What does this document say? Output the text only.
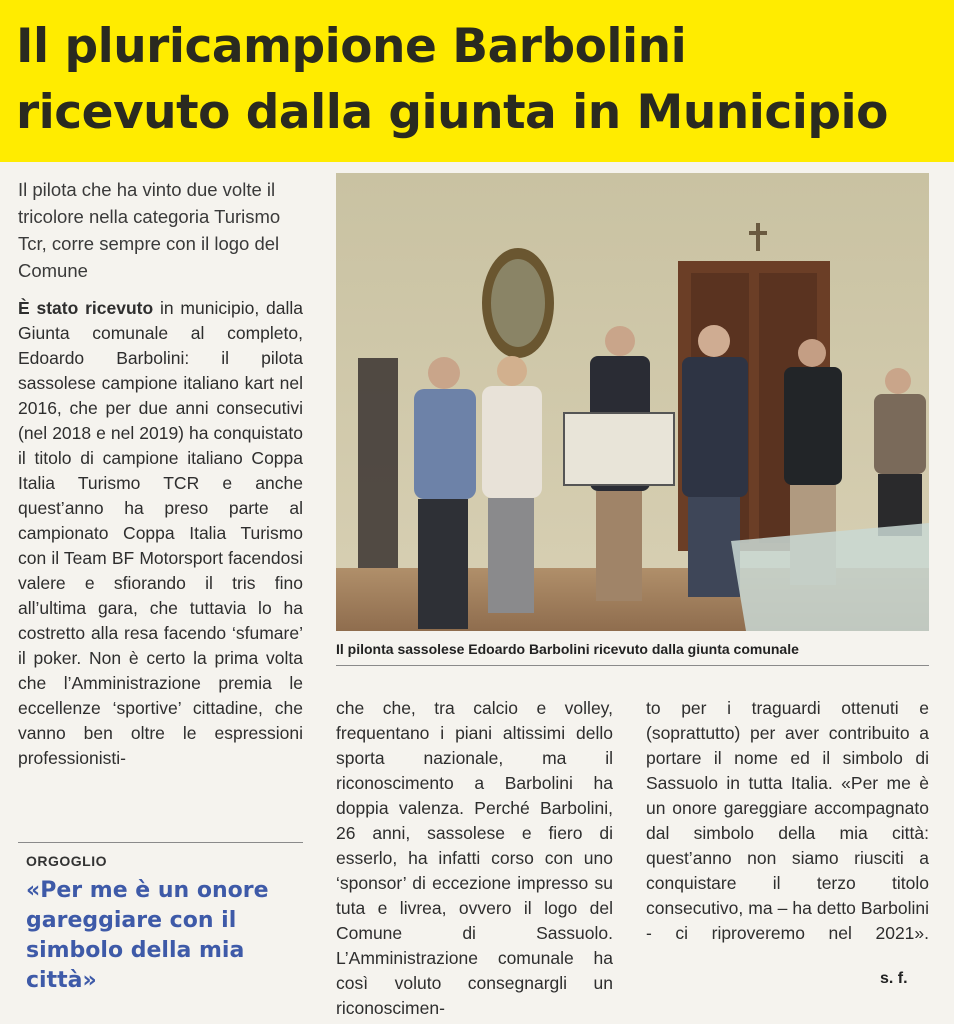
Il pluricampione Barbolini
ricevuto dalla giunta in Municipio
Il pilota che ha vinto due volte il tricolore nella categoria Turismo Tcr, corre sempre con il logo del Comune

È stato ricevuto in municipio, dalla Giunta comunale al completo, Edoardo Barbolini: il pilota sassolese campione italiano kart nel 2016, che per due anni consecutivi (nel 2018 e nel 2019) ha conquistato il titolo di campione italiano Coppa Italia Turismo TCR e anche quest’anno ha preso parte al campionato Coppa Italia Turismo con il Team BF Motorsport facendosi valere e sfiorando il tris fino all’ultima gara, che tuttavia lo ha costretto alla resa facendo ‘sfumare’ il poker. Non è certo la prima volta che l’Amministrazione premia le eccellenze ‘sportive’ cittadine, che vanno ben oltre le espressioni professionisti-

Il pilonta sassolese Edoardo Barbolini ricevuto dalla giunta comunale
ORGOGLIO
«Per me è un onore gareggiare con il simbolo della mia città»

che che, tra calcio e volley, frequentano i piani altissimi dello sporta nazionale, ma il riconoscimento a Barbolini ha doppia valenza. Perché Barbolini, 26 anni, sassolese e fiero di esserlo, ha infatti corso con uno ‘sponsor’ di eccezione impresso su tuta e livrea, ovvero il logo del Comune di Sassuolo. L’Amministrazione comunale ha così voluto consegnargli un riconoscimen-

to per i traguardi ottenuti e (soprattutto) per aver contribuito a portare il nome ed il simbolo di Sassuolo in tutta Italia. «Per me è un onore gareggiare accompagnato dal simbolo della mia città: quest’anno non siamo riusciti a conquistare il terzo titolo consecutivo, ma – ha detto Barbolini - ci riproveremo nel 2021».

s. f.
